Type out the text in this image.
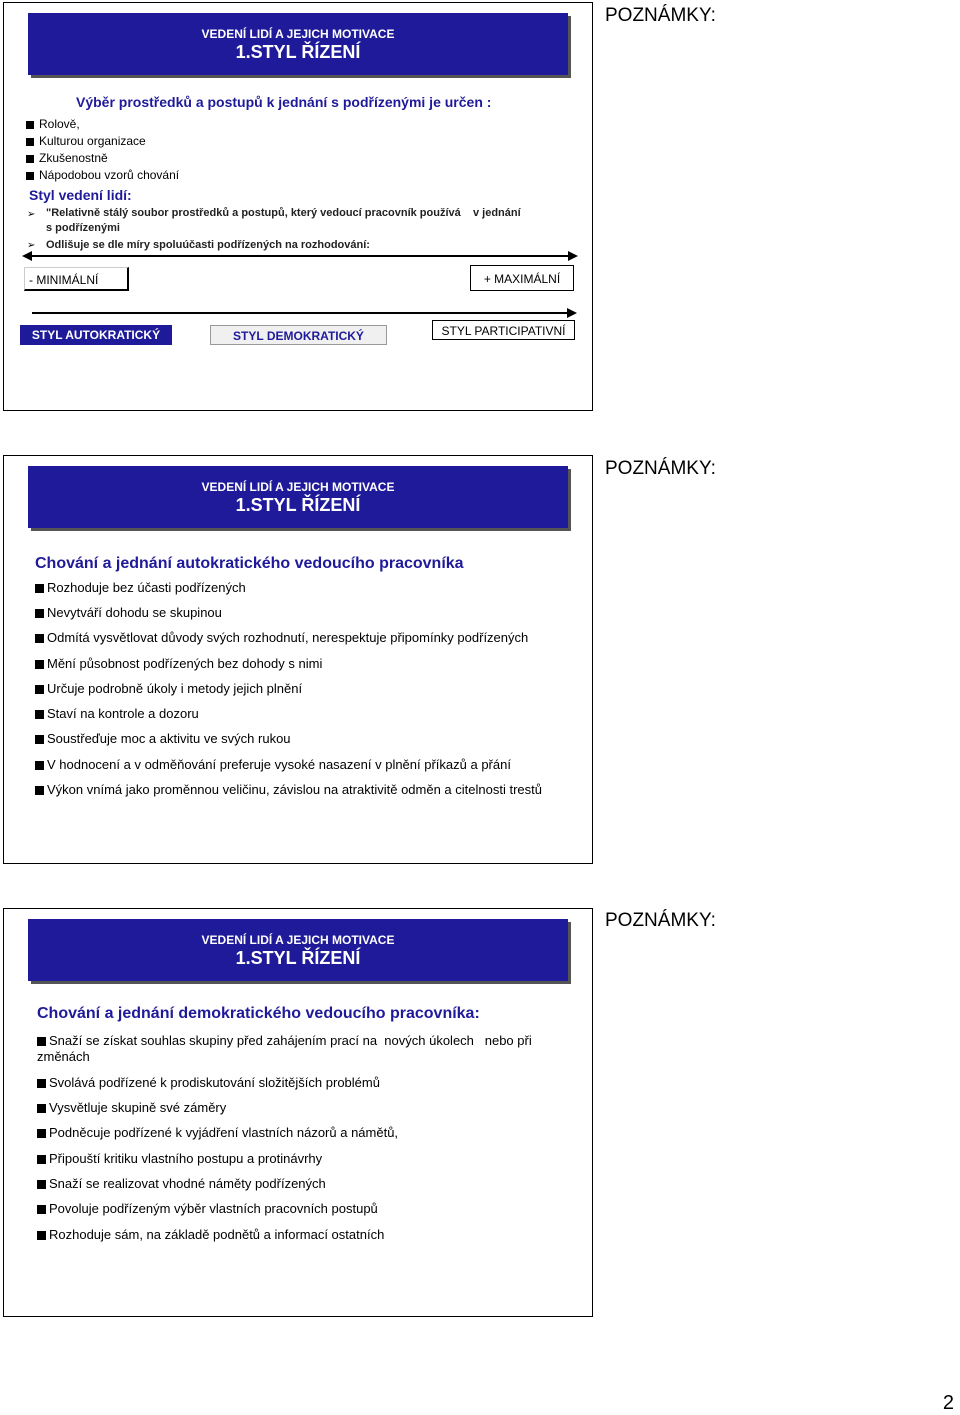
VEDENÍ LIDÍ A JEJICH MOTIVACE
1.STYL ŘÍZENÍ
Výběr prostředků a postupů k jednání s podřízenými je určen :
Rolově,
Kulturou organizace
Zkušenostně
Nápodobou vzorů chování
Styl vedení lidí:
➢ "Relativně stálý soubor prostředků a postupů, který vedoucí pracovník používá    v jednání
s podřízenými
➢ Odlišuje se dle míry spoluúčasti podřízených na rozhodování:
- MINIMÁLNÍ	+ MAXIMÁLNÍ
STYL AUTOKRATICKÝ	STYL DEMOKRATICKÝ	STYL PARTICIPATIVNÍ
POZNÁMKY:
VEDENÍ LIDÍ A JEJICH MOTIVACE
1.STYL ŘÍZENÍ
Chování a jednání autokratického vedoucího pracovníka
Rozhoduje bez účasti podřízených
Nevytváří dohodu se skupinou
Odmítá vysvětlovat důvody svých rozhodnutí, nerespektuje připomínky podřízených
Mění působnost podřízených bez dohody s nimi
Určuje podrobně úkoly i metody jejich plnění
Staví na kontrole a dozoru
Soustřeďuje moc a aktivitu ve svých rukou
V hodnocení a v odměňování preferuje vysoké nasazení v plnění příkazů a přání
Výkon vnímá jako proměnnou veličinu, závislou na atraktivitě odměn a citelnosti trestů
POZNÁMKY:
VEDENÍ LIDÍ A JEJICH MOTIVACE
1.STYL ŘÍZENÍ
Chování a jednání demokratického vedoucího pracovníka:
Snaží se získat souhlas skupiny před zahájením prací na  nových úkolech   nebo při
změnách
Svolává podřízené k prodiskutování složitějších problémů
Vysvětluje skupině své záměry
Podněcuje podřízené k vyjádření vlastních názorů a námětů,
Připouští kritiku vlastního postupu a protinávrhy
Snaží se realizovat vhodné náměty podřízených
Povoluje podřízeným výběr vlastních pracovních postupů
Rozhoduje sám, na základě podnětů a informací ostatních
POZNÁMKY:
2
